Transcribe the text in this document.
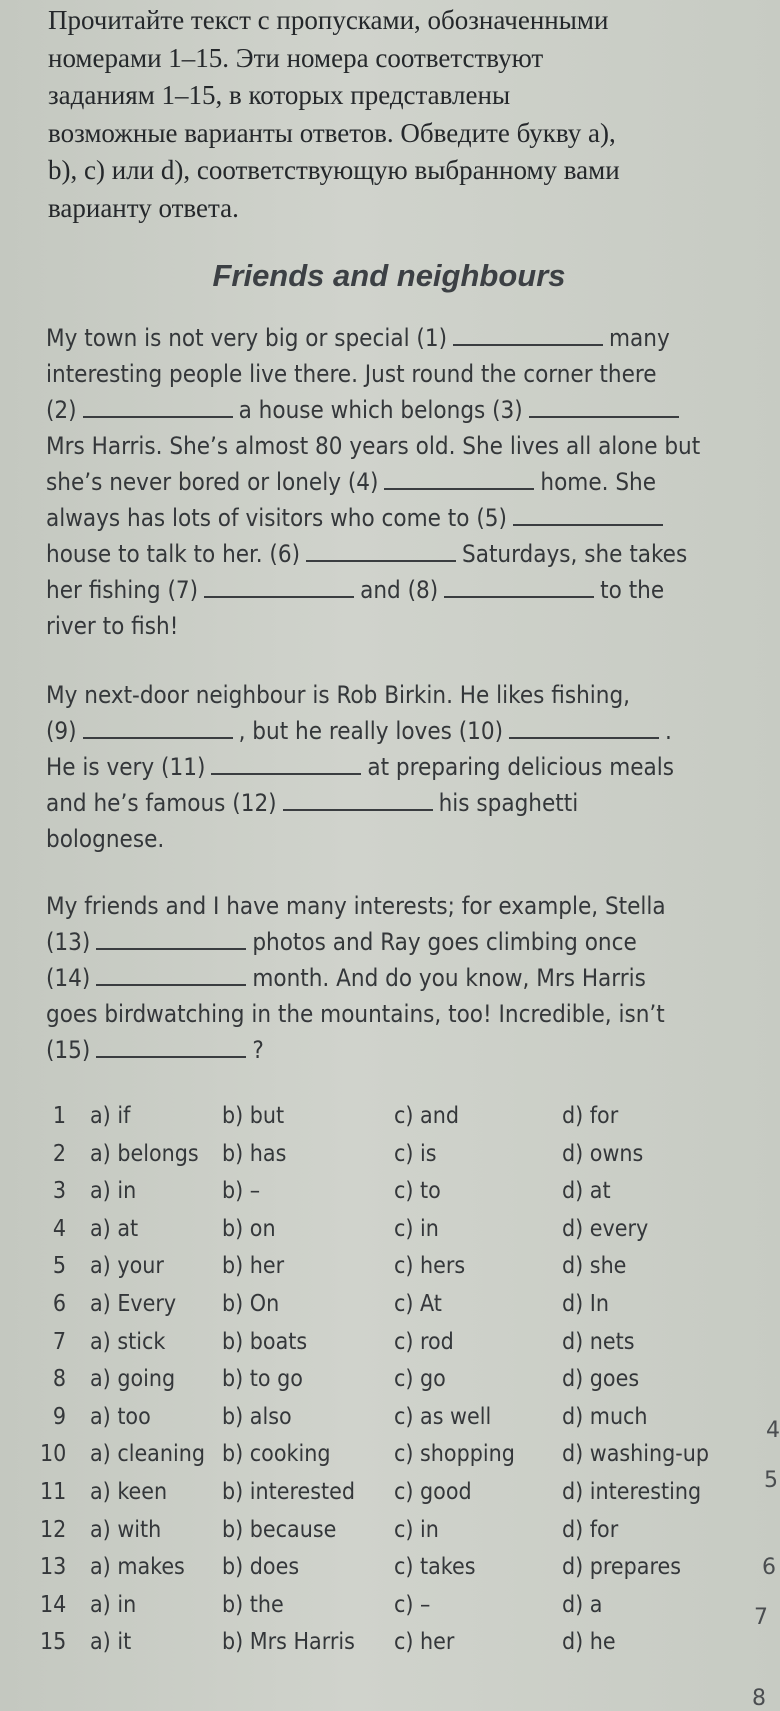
Прочитайте текст с пропусками, обозначенными
номерами 1–15. Эти номера соответствуют
заданиям 1–15, в которых представлены
возможные варианты ответов. Обведите букву a),
b), c) или d), соответствующую выбранному вами
варианту ответа.
Friends and neighbours
My town is not very big or special (1)	many
interesting people live there. Just round the corner there
(2)	a house which belongs (3)
Mrs Harris. She’s almost 80 years old. She lives all alone but
she’s never bored or lonely (4)	home. She
always has lots of visitors who come to (5)
house to talk to her. (6)	Saturdays, she takes
her fishing (7)	and (8)	to the
river to fish!
My next-door neighbour is Rob Birkin. He likes fishing,
(9)	, but he really loves (10)	.
He is very (11)	at preparing delicious meals
and he’s famous (12)	his spaghetti
bolognese.
My friends and I have many interests; for example, Stella
(13)	photos and Ray goes climbing once
(14)	month. And do you know, Mrs Harris
goes birdwatching in the mountains, too! Incredible, isn’t
(15)	?
1 a) if	b) but	c) and	d) for
2 a) belongs b) has	c) is	d) owns
3 a) in	b) –	c) to	d) at
4 a) at	b) on	c) in	d) every
5 a) your	b) her	c) hers	d) she
6 a) Every b) On	c) At	d) In
7 a) stick b) boats	c) rod	d) nets
8 a) going b) to go	c) go	d) goes
9 a) too	b) also	c) as well	d) much
10 a) cleaning b) cooking	c) shopping d) washing-up
11 a) keen b) interested c) good	d) interesting
12 a) with	b) because	c) in	d) for
13 a) makes b) does	c) takes	d) prepares
14 a) in	b) the	c) –	d) a
15 a) it	b) Mrs Harris c) her	d) he
4
5
6
7
8
